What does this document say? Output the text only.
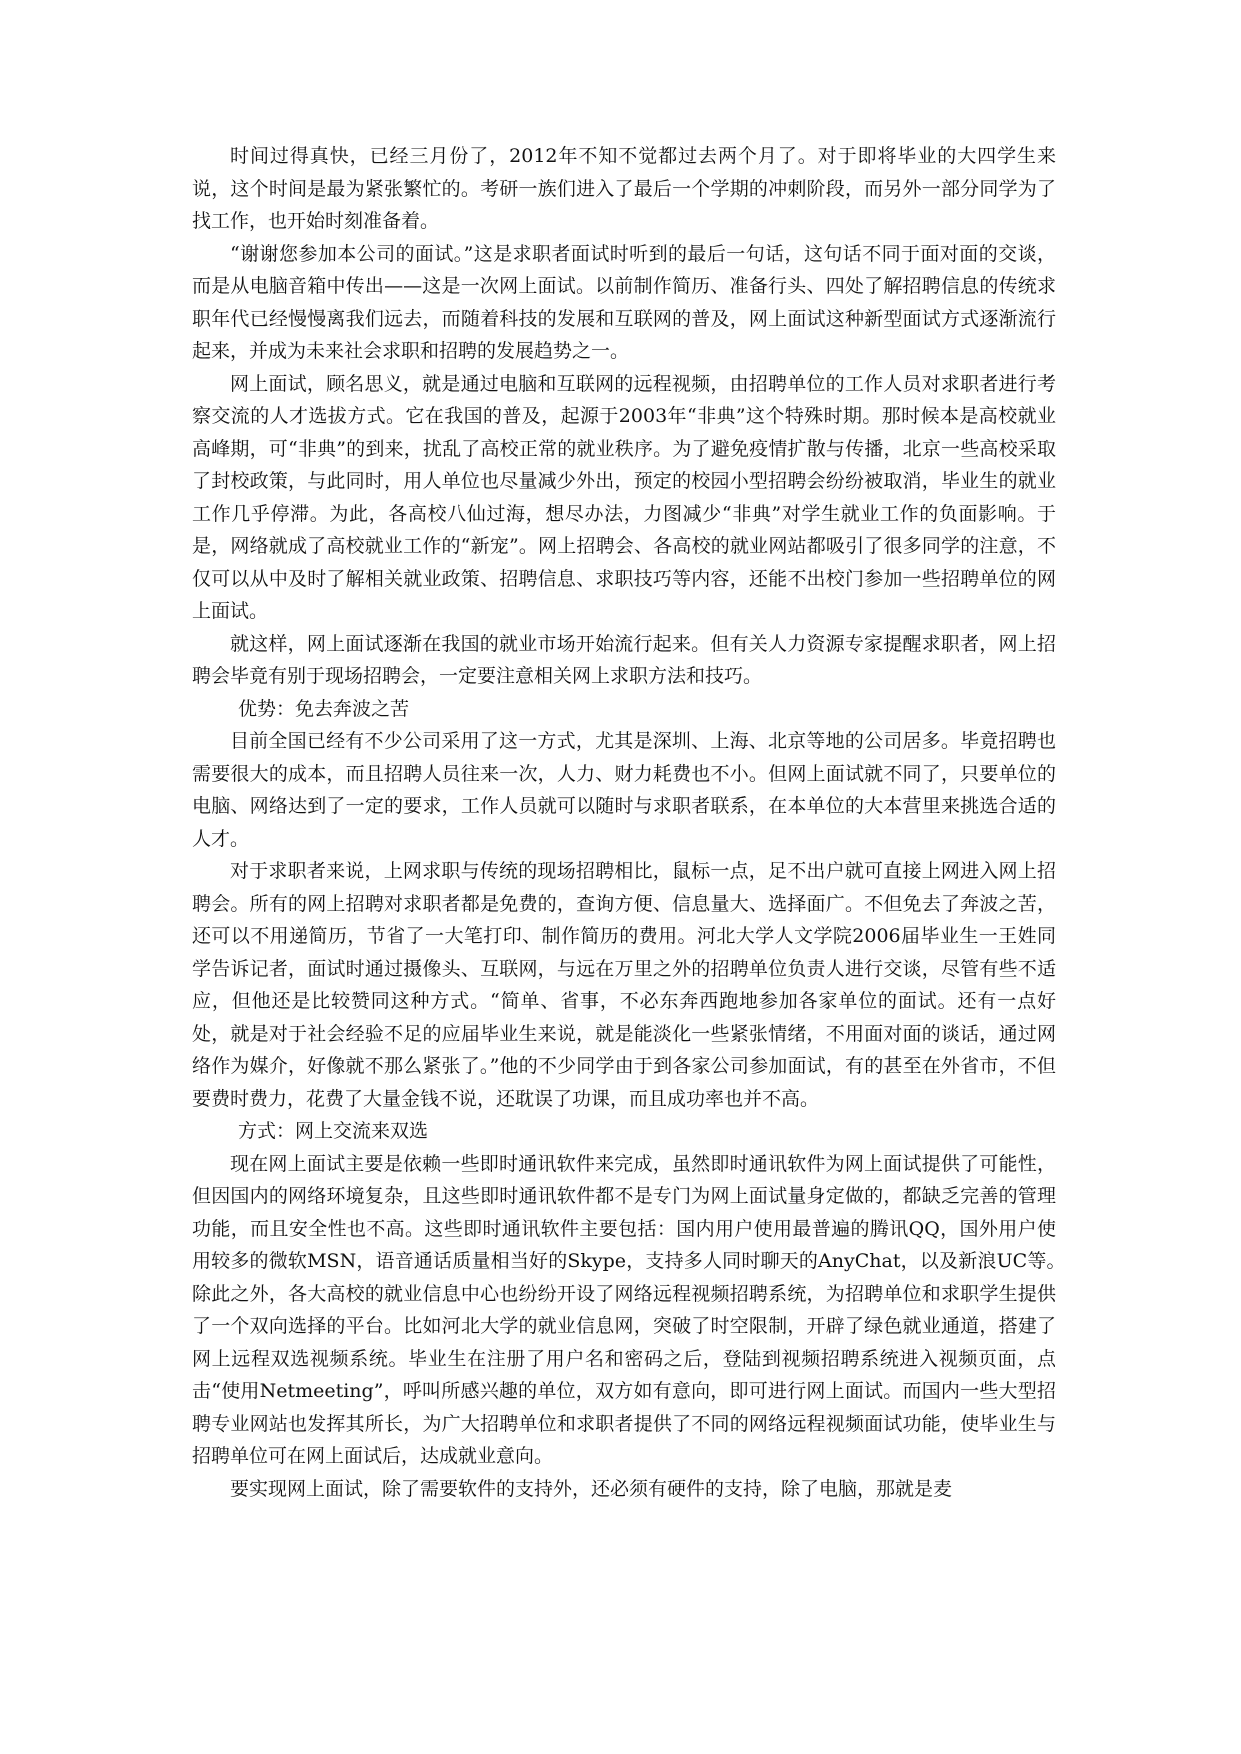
时间过得真快，已经三月份了，2012年不知不觉都过去两个月了。对于即将毕业的大四学生来说，这个时间是最为紧张繁忙的。考研一族们进入了最后一个学期的冲刺阶段，而另外一部分同学为了找工作，也开始时刻准备着。

“谢谢您参加本公司的面试。”这是求职者面试时听到的最后一句话，这句话不同于面对面的交谈，而是从电脑音箱中传出——这是一次网上面试。以前制作简历、准备行头、四处了解招聘信息的传统求职年代已经慢慢离我们远去，而随着科技的发展和互联网的普及，网上面试这种新型面试方式逐渐流行起来，并成为未来社会求职和招聘的发展趋势之一。

网上面试，顾名思义，就是通过电脑和互联网的远程视频，由招聘单位的工作人员对求职者进行考察交流的人才选拔方式。它在我国的普及，起源于2003年“非典”这个特殊时期。那时候本是高校就业高峰期，可“非典”的到来，扰乱了高校正常的就业秩序。为了避免疫情扩散与传播，北京一些高校采取了封校政策，与此同时，用人单位也尽量减少外出，预定的校园小型招聘会纷纷被取消，毕业生的就业工作几乎停滞。为此，各高校八仙过海，想尽办法，力图减少“非典”对学生就业工作的负面影响。于是，网络就成了高校就业工作的“新宠”。网上招聘会、各高校的就业网站都吸引了很多同学的注意，不仅可以从中及时了解相关就业政策、招聘信息、求职技巧等内容，还能不出校门参加一些招聘单位的网上面试。

就这样，网上面试逐渐在我国的就业市场开始流行起来。但有关人力资源专家提醒求职者，网上招聘会毕竟有别于现场招聘会，一定要注意相关网上求职方法和技巧。

优势：免去奔波之苦

目前全国已经有不少公司采用了这一方式，尤其是深圳、上海、北京等地的公司居多。毕竟招聘也需要很大的成本，而且招聘人员往来一次，人力、财力耗费也不小。但网上面试就不同了，只要单位的电脑、网络达到了一定的要求，工作人员就可以随时与求职者联系，在本单位的大本营里来挑选合适的人才。

对于求职者来说，上网求职与传统的现场招聘相比，鼠标一点，足不出户就可直接上网进入网上招聘会。所有的网上招聘对求职者都是免费的，查询方便、信息量大、选择面广。不但免去了奔波之苦，还可以不用递简历，节省了一大笔打印、制作简历的费用。河北大学人文学院2006届毕业生一王姓同学告诉记者，面试时通过摄像头、互联网，与远在万里之外的招聘单位负责人进行交谈，尽管有些不适应，但他还是比较赞同这种方式。“简单、省事，不必东奔西跑地参加各家单位的面试。还有一点好处，就是对于社会经验不足的应届毕业生来说，就是能淡化一些紧张情绪，不用面对面的谈话，通过网络作为媒介，好像就不那么紧张了。”他的不少同学由于到各家公司参加面试，有的甚至在外省市，不但要费时费力，花费了大量金钱不说，还耽误了功课，而且成功率也并不高。

方式：网上交流来双选

现在网上面试主要是依赖一些即时通讯软件来完成，虽然即时通讯软件为网上面试提供了可能性，但因国内的网络环境复杂，且这些即时通讯软件都不是专门为网上面试量身定做的，都缺乏完善的管理功能，而且安全性也不高。这些即时通讯软件主要包括：国内用户使用最普遍的腾讯QQ，国外用户使用较多的微软MSN，语音通话质量相当好的Skype，支持多人同时聊天的AnyChat，以及新浪UC等。　　除此之外，各大高校的就业信息中心也纷纷开设了网络远程视频招聘系统，为招聘单位和求职学生提供了一个双向选择的平台。比如河北大学的就业信息网，突破了时空限制，开辟了绿色就业通道，搭建了网上远程双选视频系统。毕业生在注册了用户名和密码之后，登陆到视频招聘系统进入视频页面，点击“使用Netmeeting”，呼叫所感兴趣的单位，双方如有意向，即可进行网上面试。而国内一些大型招聘专业网站也发挥其所长，为广大招聘单位和求职者提供了不同的网络远程视频面试功能，使毕业生与招聘单位可在网上面试后，达成就业意向。

要实现网上面试，除了需要软件的支持外，还必须有硬件的支持，除了电脑，那就是麦
